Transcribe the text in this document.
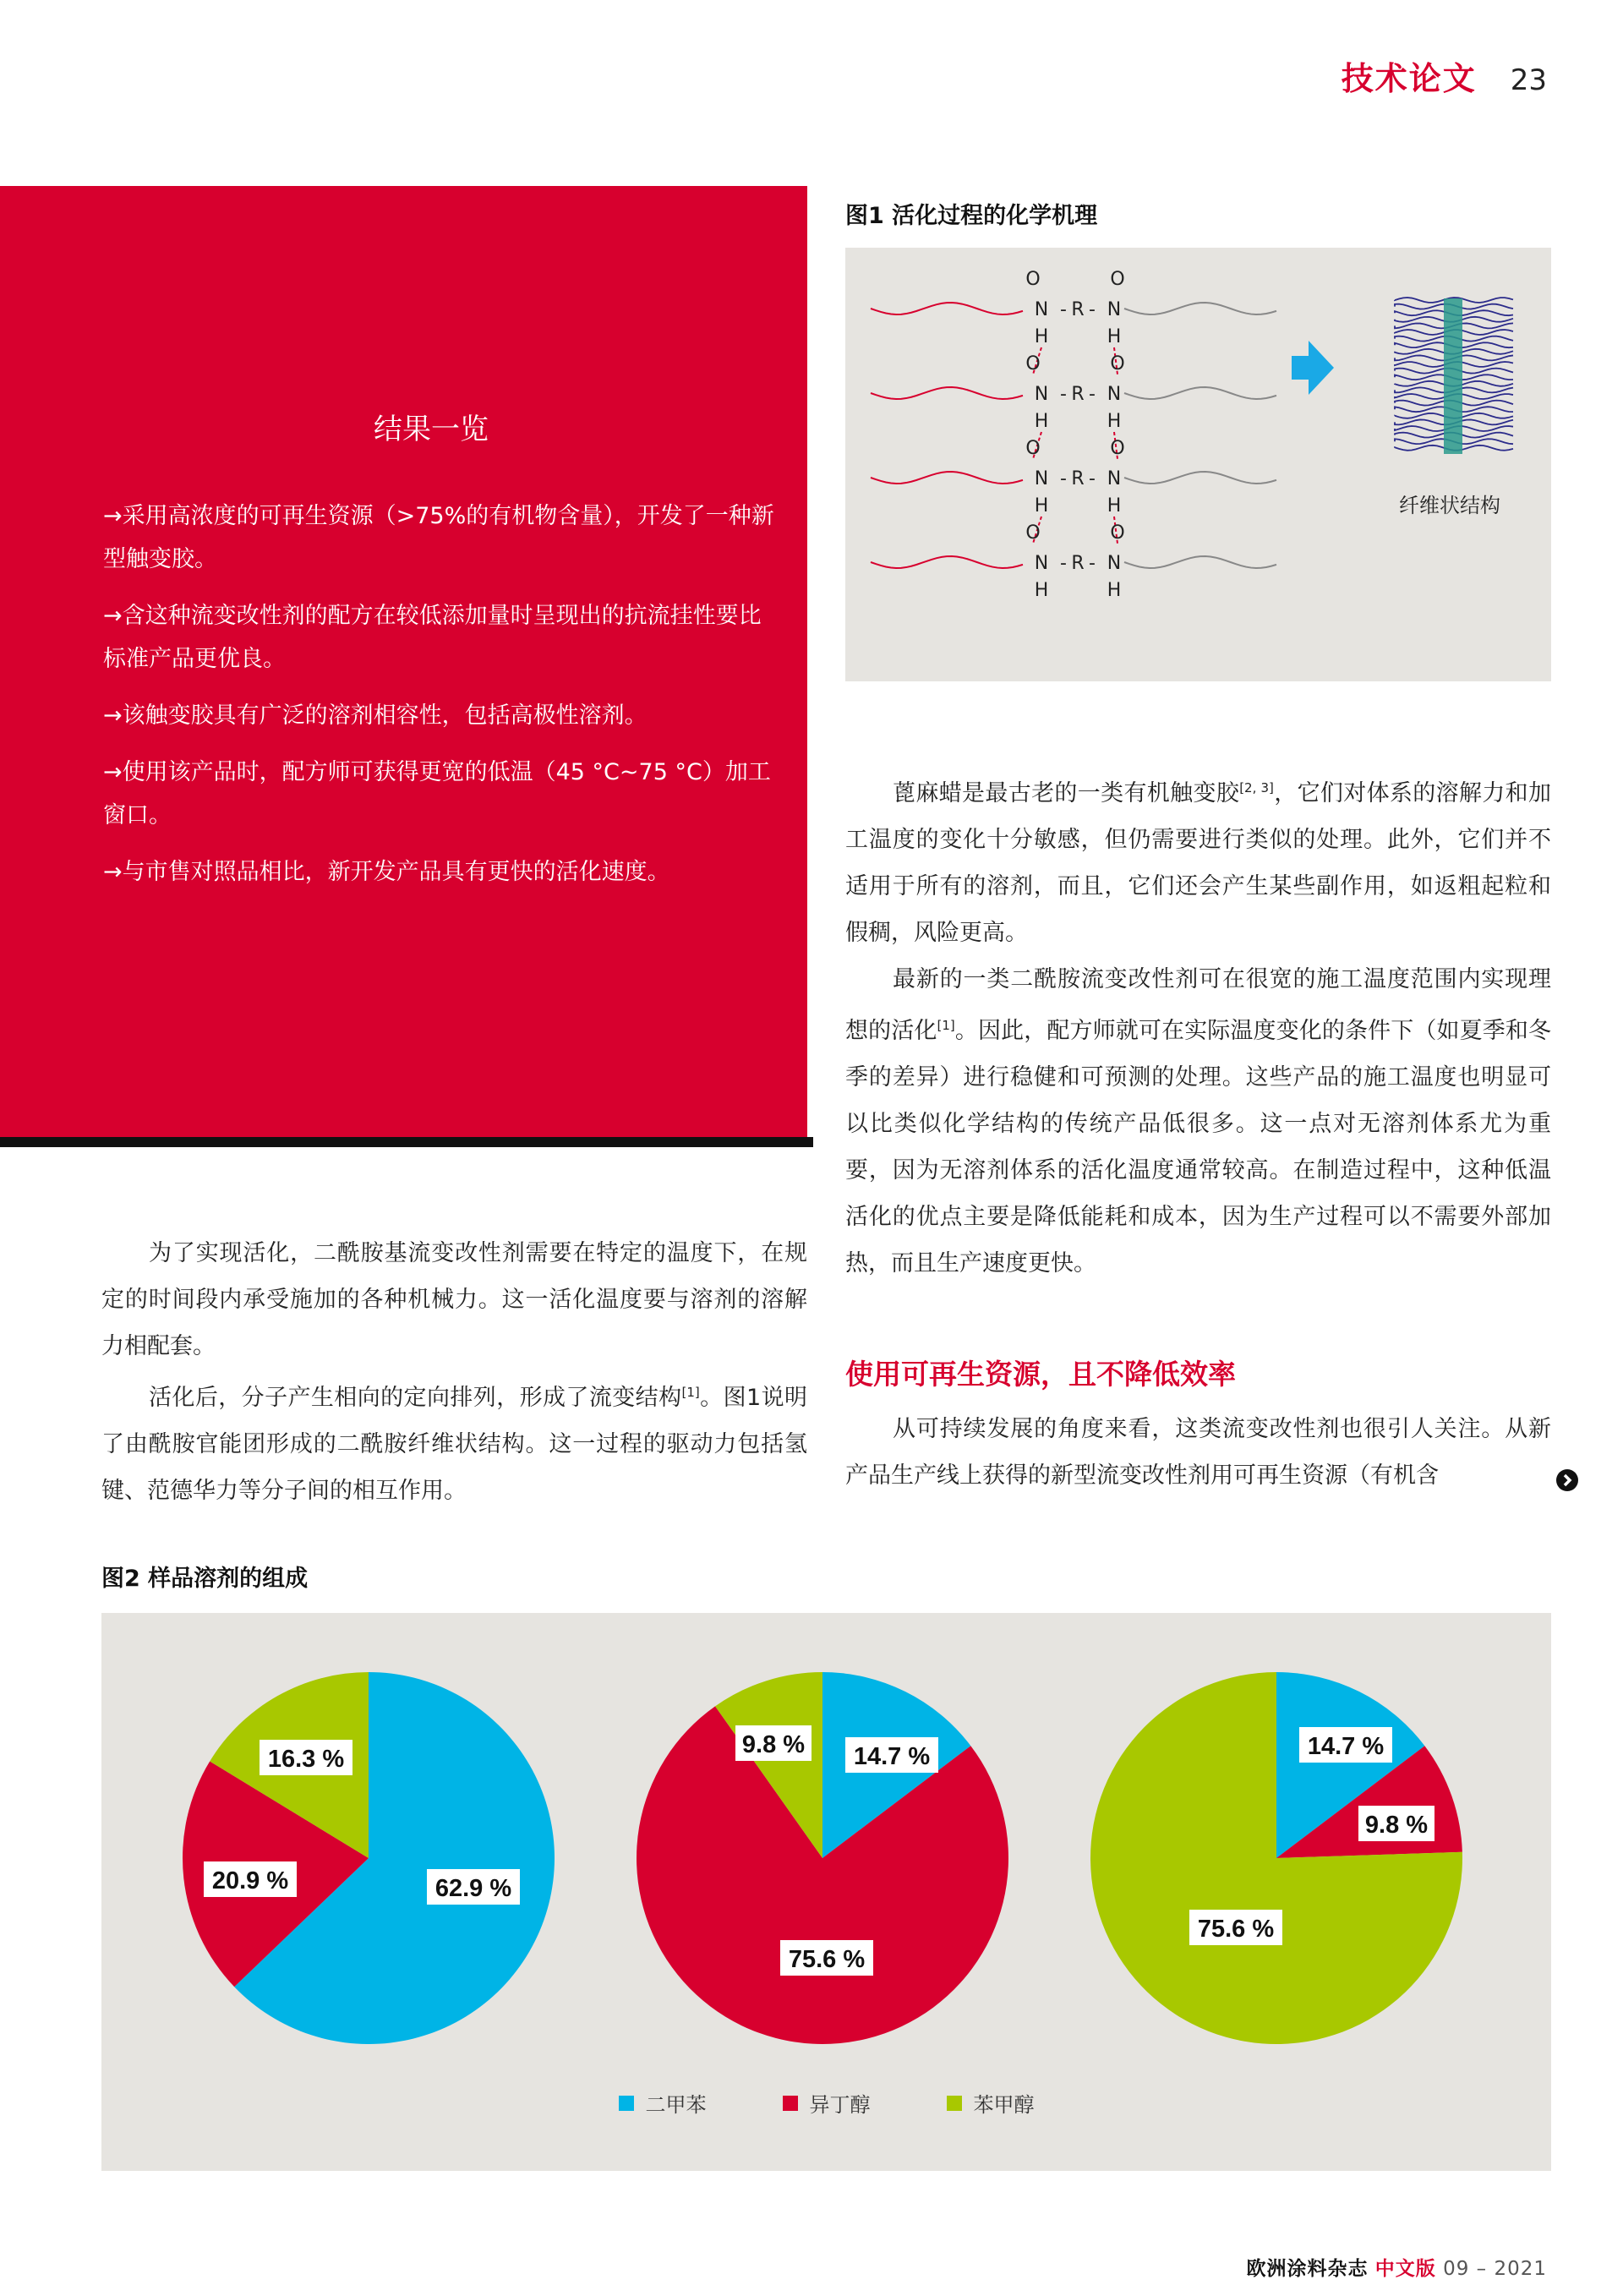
技术论文 23
结果一览
→采用高浓度的可再生资源（>75%的有机物含量），开发了一种新型触变胶。
→含这种流变改性剂的配方在较低添加量时呈现出的抗流挂性要比标准产品更优良。
→该触变胶具有广泛的溶剂相容性，包括高极性溶剂。
→使用该产品时，配方师可获得更宽的低温（45 °C~75 °C）加工窗口。
→与市售对照品相比，新开发产品具有更快的活化速度。
图1 活化过程的化学机理
O	O
N - R - N
H	H
O	O
N - R - N
H	H
O	O
N - R - N
H	H
O	O
N - R - N
H	H
纤维状结构

为了实现活化，二酰胺基流变改性剂需要在特定的温度下，在规定的时间段内承受施加的各种机械力。这一活化温度要与溶剂的溶解力相配套。

活化后，分子产生相向的定向排列，形成了流变结构[1]。图1说明了由酰胺官能团形成的二酰胺纤维状结构。这一过程的驱动力包括氢键、范德华力等分子间的相互作用。

蓖麻蜡是最古老的一类有机触变胶[2, 3]，它们对体系的溶解力和加工温度的变化十分敏感，但仍需要进行类似的处理。此外，它们并不适用于所有的溶剂，而且，它们还会产生某些副作用，如返粗起粒和假稠，风险更高。

最新的一类二酰胺流变改性剂可在很宽的施工温度范围内实现理想的活化[1]。因此，配方师就可在实际温度变化的条件下（如夏季和冬季的差异）进行稳健和可预测的处理。这些产品的施工温度也明显可以比类似化学结构的传统产品低很多。这一点对无溶剂体系尤为重要，因为无溶剂体系的活化温度通常较高。在制造过程中，这种低温活化的优点主要是降低能耗和成本，因为生产过程可以不需要外部加热，而且生产速度更快。

使用可再生资源，且不降低效率

从可持续发展的角度来看，这类流变改性剂也很引人关注。从新产品生产线上获得的新型流变改性剂用可再生资源（有机含

图2 样品溶剂的组成
62.9 %
20.9 %
16.3 %	14.7 %
75.6 %
9.8 %	14.7 %
9.8 %
75.6 %
二甲苯	异丁醇	苯甲醇
欧洲涂料杂志 中文版 09 – 2021
